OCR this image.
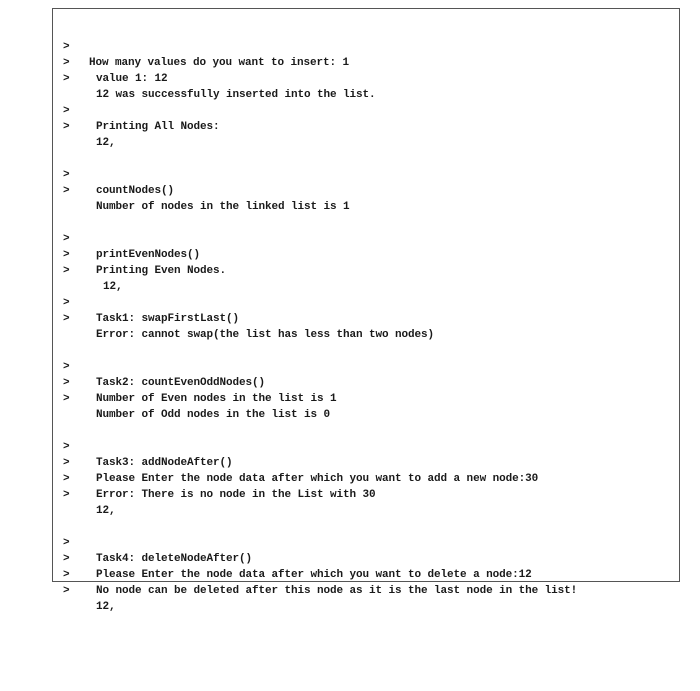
>

How many values do you want to insert: 1

>

value 1: 12

>

12 was successfully inserted into the list.

>

Printing All Nodes:

>

12,

>

countNodes()

>

Number of nodes in the linked list is 1

>

printEvenNodes()

>

Printing Even Nodes.

>

12,

>

Task1: swapFirstLast()

>

Error: cannot swap(the list has less than two nodes)

>

Task2: countEvenOddNodes()

>

Number of Even nodes in the list is 1

>

Number of Odd nodes in the list is 0

>

Task3: addNodeAfter()

>

Please Enter the node data after which you want to add a new node:30

>

Error: There is no node in the List with 30

>

12,

>

Task4: deleteNodeAfter()

>

Please Enter the node data after which you want to delete a node:12

>

No node can be deleted after this node as it is the last node in the list!

>

12,
